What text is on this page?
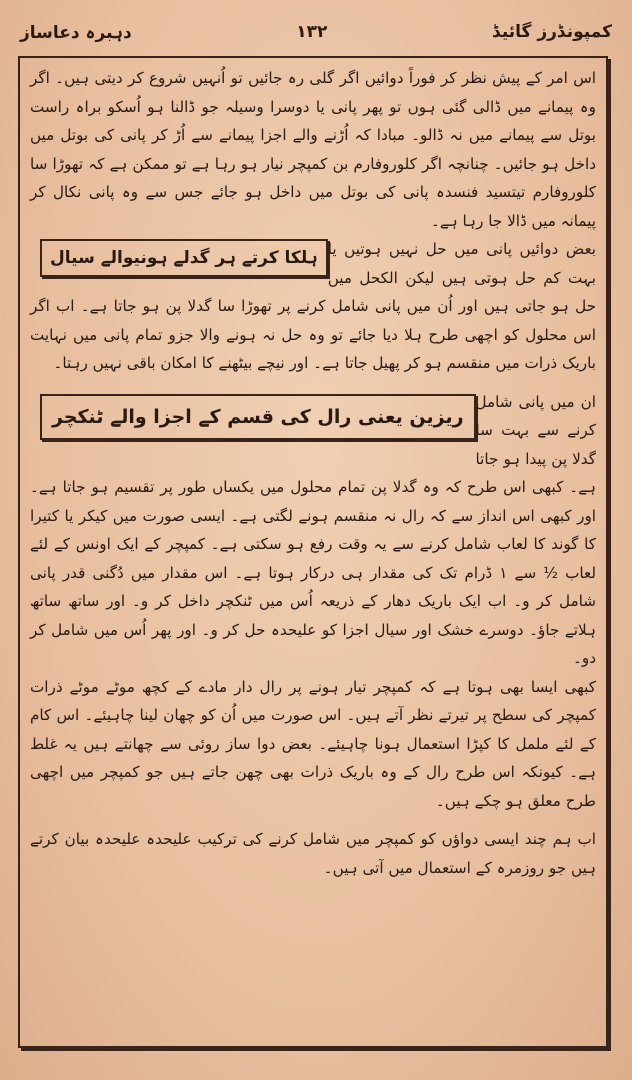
کمپونڈرز گائیڈ
۱۳۲
دہبرہ دعاساز

اس امر کے پیش نظر کر فوراً دوائیں اگر گلی رہ جائیں تو اُنہیں شروع کر دیتی ہیں۔ اگر وہ پیمانے میں ڈالی گئی ہوں تو پھر پانی یا دوسرا وسیلہ جو ڈالنا ہو اُسکو براہ راست بوتل سے پیمانے میں نہ ڈالو۔ مبادا کہ اُڑنے والے اجزا پیمانے سے اُڑ کر پانی کی بوتل میں داخل ہو جائیں۔ چنانچہ اگر کلوروفارم بن کمپچر نیار ہو رہا ہے تو ممکن ہے کہ تھوڑا سا کلوروفارم تیتسید فنسدہ پانی کی بوتل میں داخل ہو جائے جس سے وہ پانی نکال کر پیمانہ میں ڈالا جا رہا ہے۔

ہلکا کرتے ہر گدلے ہونیوالے سیال بعض دوائیں پانی میں حل نہیں ہوتیں یا بہت کم حل ہوتی ہیں لیکن الکحل میں حل ہو جاتی ہیں اور اُن میں پانی شامل کرنے پر تھوڑا سا گدلا پن ہو جاتا ہے۔ اب اگر اس محلول کو اچھی طرح ہلا دیا جائے تو وہ حل نہ ہونے والا جزو تمام پانی میں نہایت باریک ذرات میں منقسم ہو کر پھیل جاتا ہے۔ اور نیچے بیٹھنے کا امکان باقی نہیں رہتا۔

ریزین یعنی رال کی قسم کے اجزا والے ٹنکچر

ان میں پانی شامل کرنے سے بہت سا گدلا پن پیدا ہو جاتا ہے۔ کبھی اس طرح کہ وہ گدلا پن تمام محلول میں یکساں طور پر تقسیم ہو جاتا ہے۔ اور کبھی اس انداز سے کہ رال نہ منقسم ہونے لگتی ہے۔ ایسی صورت میں کیکر یا کتیرا کا گوند کا لعاب شامل کرنے سے یہ وقت رفع ہو سکتی ہے۔ کمپچر کے ایک اونس کے لئے لعاب ½ سے ۱ ڈرام تک کی مقدار ہی درکار ہوتا ہے۔ اس مقدار میں دُگنی قدر پانی شامل کر و۔ اب ایک باریک دھار کے ذریعہ اُس میں ٹنکچر داخل کر و۔ اور ساتھ ساتھ ہلاتے جاؤ۔ دوسرے خشک اور سیال اجزا کو علیحدہ حل کر و۔ اور پھر اُس میں شامل کر دو۔

کبھی ایسا بھی ہوتا ہے کہ کمپچر تیار ہونے پر رال دار مادے کے کچھ موٹے موٹے ذرات کمپچر کی سطح پر تیرتے نظر آتے ہیں۔ اس صورت میں اُن کو چھان لینا چاہیئے۔ اس کام کے لئے ململ کا کپڑا استعمال ہونا چاہیئے۔ بعض دوا ساز روئی سے چھانتے ہیں یہ غلط ہے۔ کیونکہ اس طرح رال کے وہ باریک ذرات بھی چھن جاتے ہیں جو کمپچر میں اچھی طرح معلق ہو چکے ہیں۔

اب ہم چند ایسی دواؤں کو کمپچر میں شامل کرنے کی ترکیب علیحدہ علیحدہ بیان کرتے ہیں جو روزمرہ کے استعمال میں آتی ہیں۔
